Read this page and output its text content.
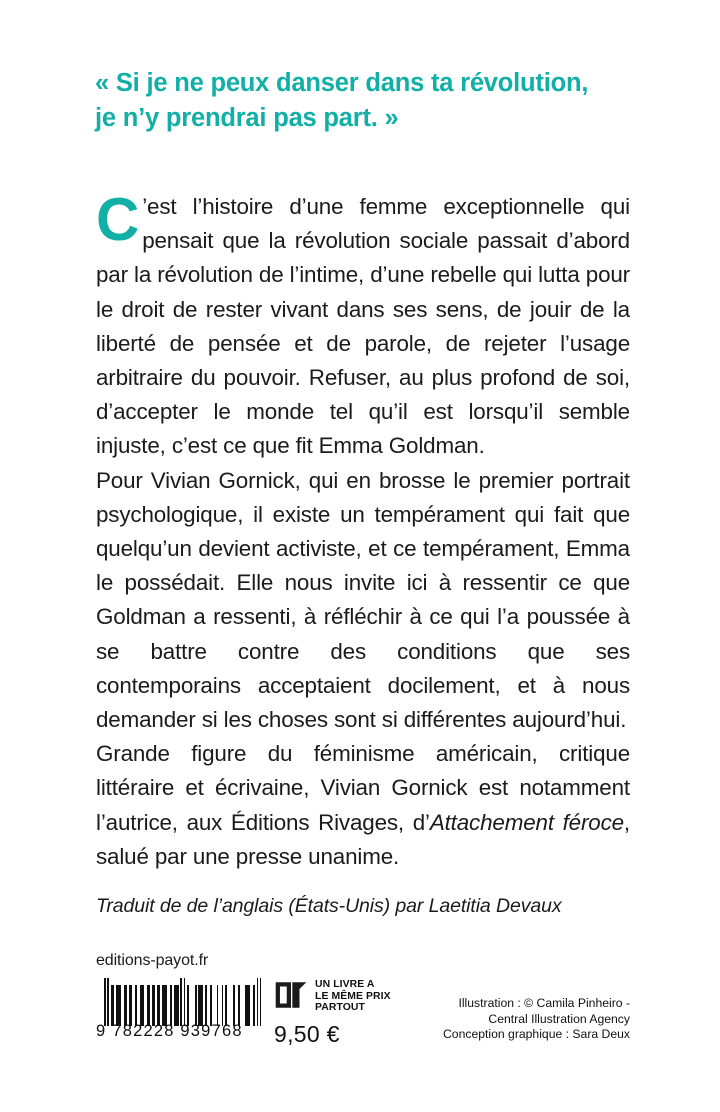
« Si je ne peux danser dans ta révolution,
je n’y prendrai pas part. »

C ’est l’histoire d’une femme exceptionnelle qui pensait que la révolution sociale passait d’abord par la révolution de l’intime, d’une rebelle qui lutta pour le droit de rester vivant dans ses sens, de jouir de la liberté de pensée et de parole, de rejeter l’usage arbitraire du pouvoir. Refuser, au plus profond de soi, d’accepter le monde tel qu’il est lorsqu’il semble injuste, c’est ce que fit Emma Goldman.

Pour Vivian Gornick, qui en brosse le premier portrait psychologique, il existe un tempérament qui fait que quelqu’un devient activiste, et ce tempérament, Emma le possédait. Elle nous invite ici à ressentir ce que Goldman a ressenti, à réfléchir à ce qui l’a poussée à se battre contre des conditions que ses contemporains acceptaient docilement, et à nous demander si les choses sont si différentes aujourd’hui.

Grande figure du féminisme américain, critique littéraire et écrivaine, Vivian Gornick est notamment l’autrice, aux Éditions Rivages, d’Attachement féroce, salué par une presse unanime.

Traduit de de l’anglais (États-Unis) par Laetitia Devaux
editions-payot.fr
9 782228 939768
UN LIVRE A
LE MÊME PRIX
PARTOUT
9,50 €
Illustration : © Camila Pinheiro -
Central Illustration Agency
Conception graphique : Sara Deux
